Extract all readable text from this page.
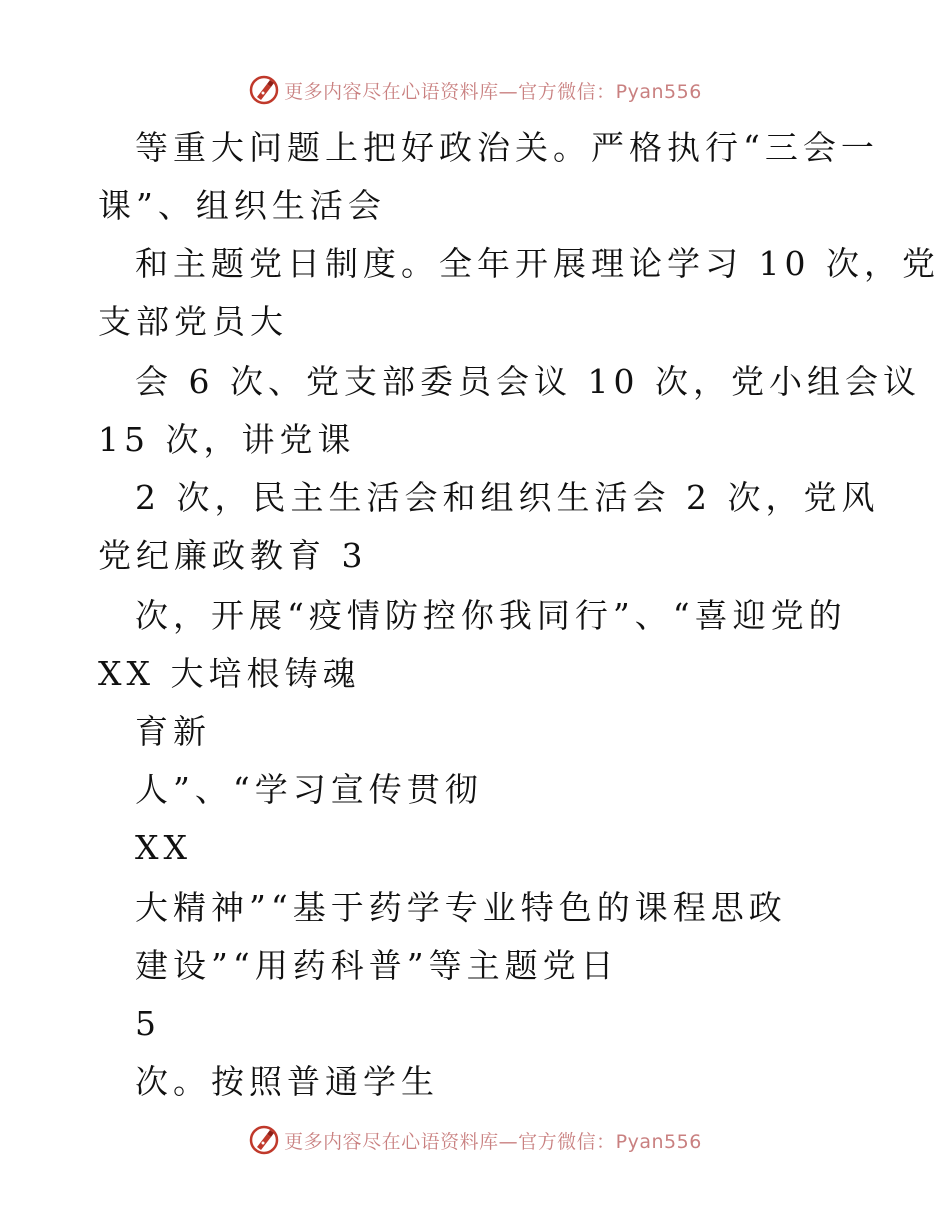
更多内容尽在心语资料库—官方微信：Pyan556
等重大问题上把好政治关。严格执行“三会一
课”、组织生活会
和主题党日制度。全年开展理论学习 10 次，党
支部党员大
会 6 次、党支部委员会议 10 次，党小组会议
15 次，讲党课
2 次，民主生活会和组织生活会 2 次，党风
党纪廉政教育 3
次，开展“疫情防控你我同行”、“喜迎党的
XX 大培根铸魂
育新
人”、“学习宣传贯彻
XX
大精神”“基于药学专业特色的课程思政
建设”“用药科普”等主题党日
5
次。按照普通学生
更多内容尽在心语资料库—官方微信：Pyan556
